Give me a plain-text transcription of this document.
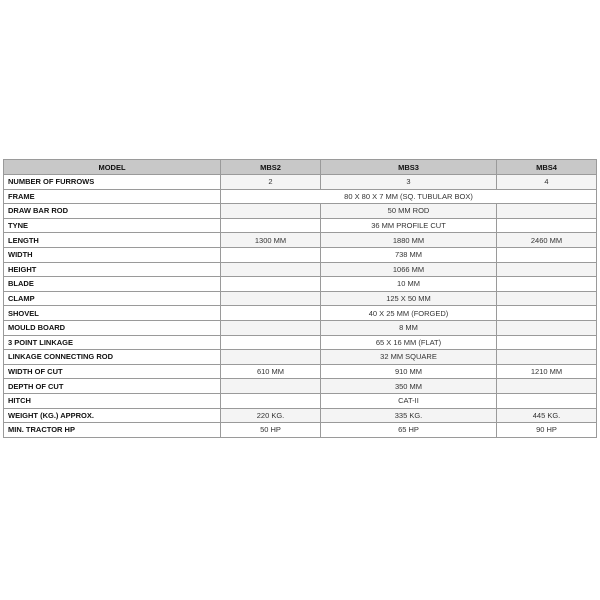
MODEL	MBS2	MBS3	MBS4
NUMBER OF FURROWS	2	3	4
FRAME	80 X 80 X 7 MM (SQ. TUBULAR BOX)		
DRAW BAR ROD		50 MM ROD	
TYNE		36 MM PROFILE CUT	
LENGTH	1300 MM	1880 MM	2460 MM
WIDTH		738 MM	
HEIGHT		1066 MM	
BLADE		10 MM	
CLAMP		125 X 50 MM	
SHOVEL		40 X 25 MM (FORGED)	
MOULD BOARD		8 MM	
3 POINT LINKAGE		65 X 16 MM (FLAT)	
LINKAGE CONNECTING ROD		32 MM SQUARE	
WIDTH OF CUT	610 MM	910 MM	1210 MM
DEPTH OF CUT		350 MM	
HITCH		CAT-II	
WEIGHT (KG.) APPROX.	220 KG.	335 KG.	445 KG.
MIN. TRACTOR HP	50 HP	65 HP	90 HP
